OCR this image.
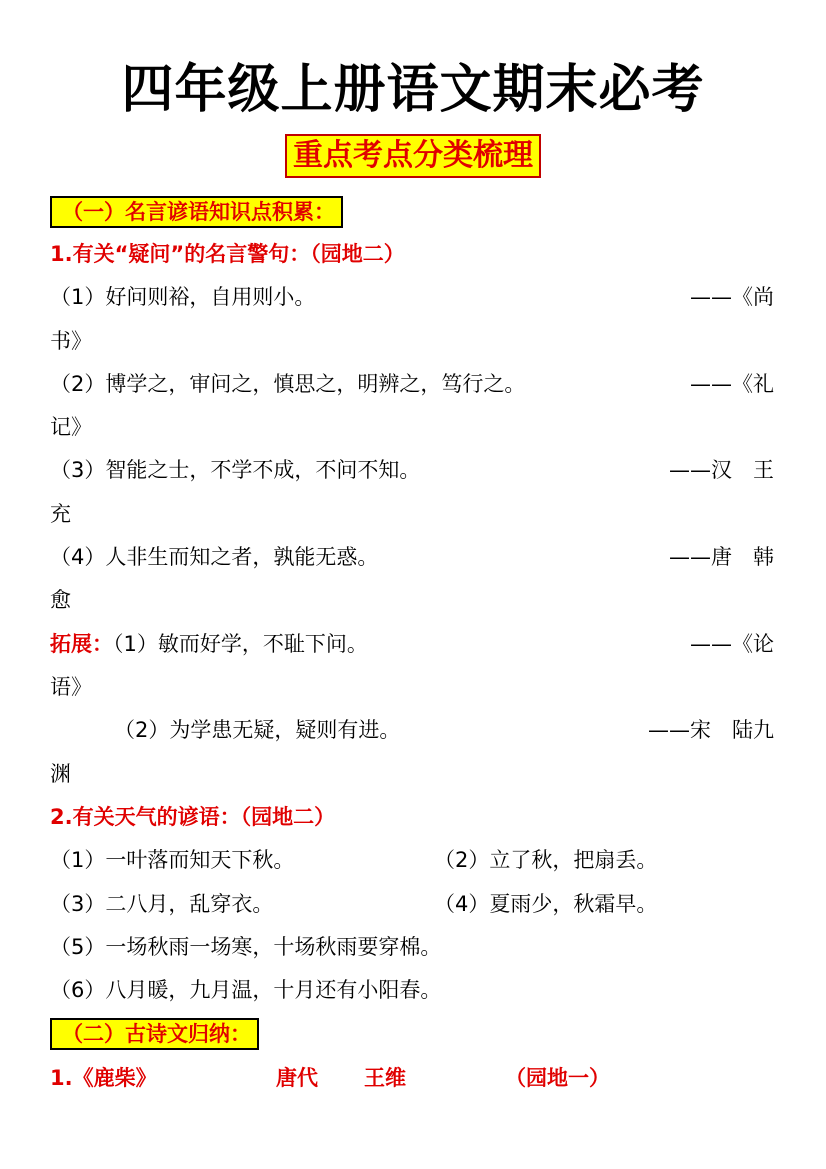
四年级上册语文期末必考
重点考点分类梳理
（一）名言谚语知识点积累：
1.有关“疑问”的名言警句：（园地二）
（1）好问则裕，自用则小。	——《尚
书》
（2）博学之，审问之，慎思之，明辨之，笃行之。	——《礼
记》
（3）智能之士，不学不成，不问不知。	——汉　王
充
（4）人非生而知之者，孰能无惑。	——唐　韩
愈
拓展：（1）敏而好学，不耻下问。	——《论
语》
（2）为学患无疑，疑则有进。	——宋　陆九
渊
2.有关天气的谚语：（园地二）
（1）一叶落而知天下秋。	（2）立了秋，把扇丢。
（3）二八月，乱穿衣。	（4）夏雨少，秋霜早。
（5）一场秋雨一场寒，十场秋雨要穿棉。
（6）八月暖，九月温，十月还有小阳春。
（二）古诗文归纳：
1.《鹿柴》	唐代 王维	（园地一）
